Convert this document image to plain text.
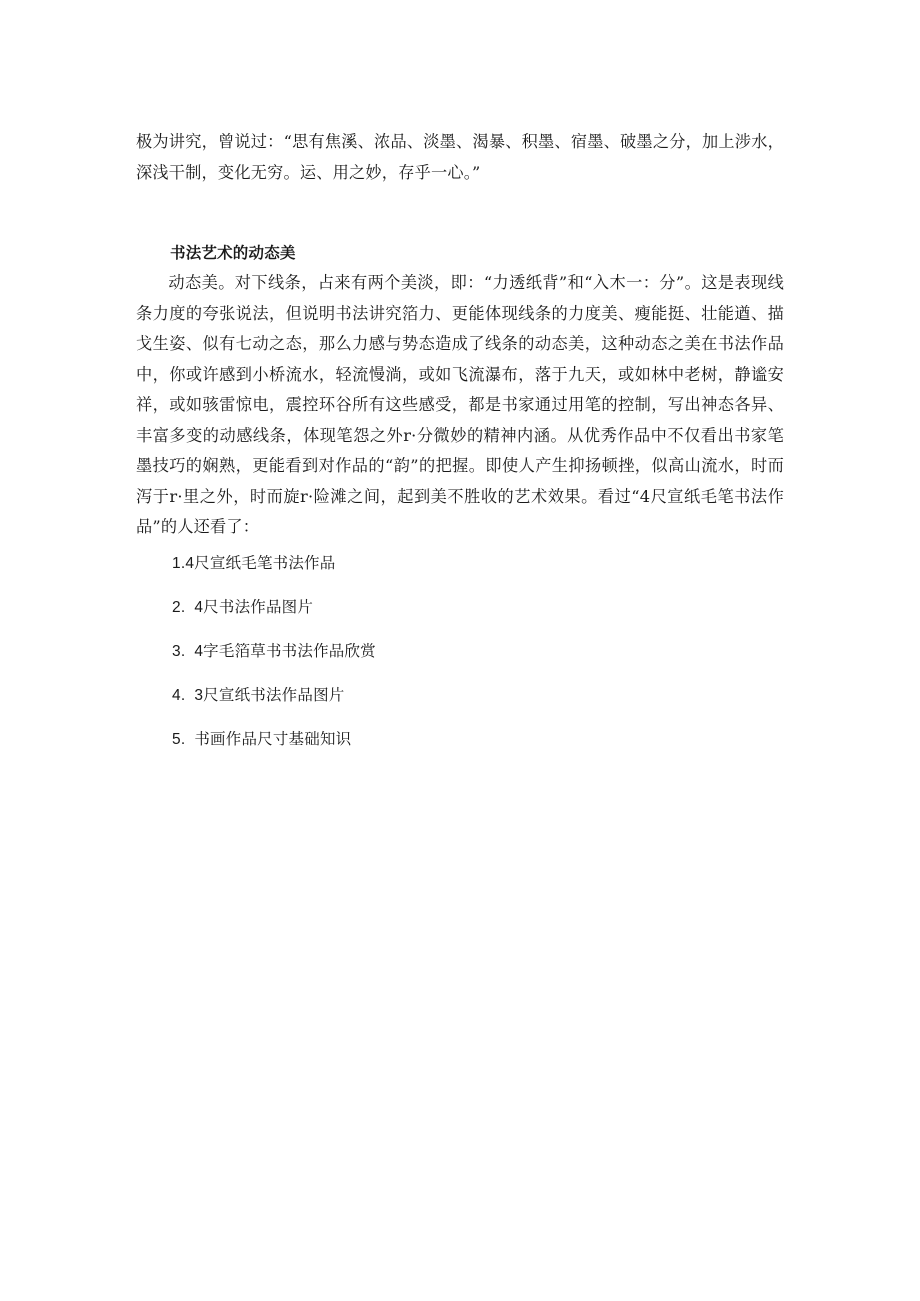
极为讲究，曾说过：“思有焦溪、浓品、淡墨、渴暴、积墨、宿墨、破墨之分，加上涉水，深浅干制，变化无穷。运、用之妙，存乎一心。”

书法艺术的动态美

动态美。对下线条，占来有两个美淡，即：“力透纸背”和“入木一：分”。这是表现线条力度的夸张说法，但说明书法讲究箔力、更能体现线条的力度美、瘦能挺、壮能遒、描戈生姿、似有七动之态，那么力感与势态造成了线条的动态美，这种动态之美在书法作品中，你或许感到小桥流水，轻流慢淌，或如飞流瀑布，落于九天，或如林中老树，静谧安祥，或如骇雷惊电，震控环谷所有这些感受，都是书家通过用笔的控制，写出神态各异、丰富多变的动感线条，体现笔怨之外r·分微妙的精神内涵。从优秀作品中不仅看出书家笔墨技巧的娴熟，更能看到对作品的“韵”的把握。即使人产生抑扬顿挫，似高山流水，时而泻于r·里之外，时而旋r·险滩之间，起到美不胜收的艺术效果。看过“4尺宣纸毛笔书法作品”的人还看了：

1.4尺宣纸毛笔书法作品
2. 4尺书法作品图片
3. 4字毛箔草书书法作品欣赏
4. 3尺宣纸书法作品图片
5. 书画作品尺寸基础知识
